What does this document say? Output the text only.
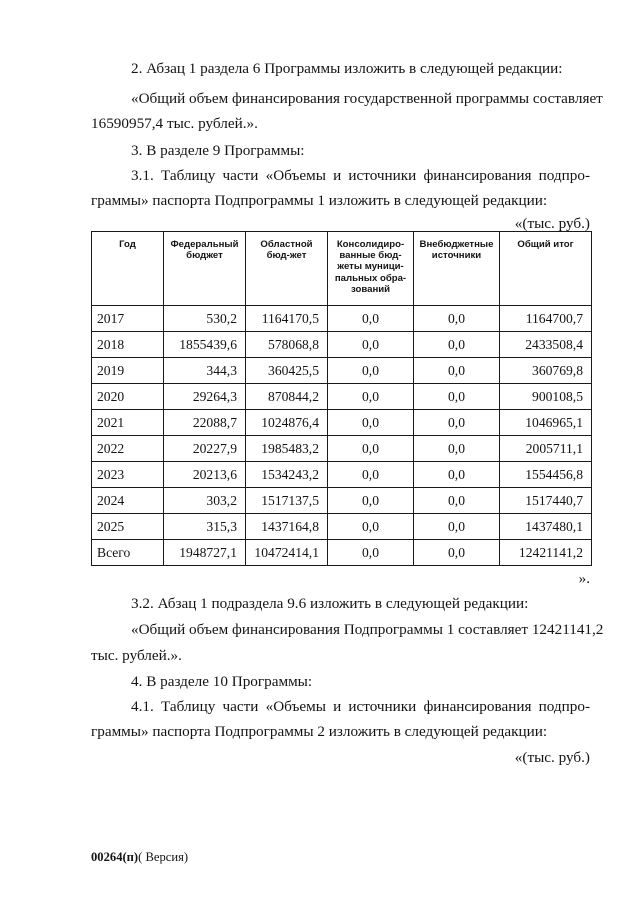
2. Абзац 1 раздела 6 Программы изложить в следующей редакции:

«Общий объем финансирования государственной программы составляет

16590957,4 тыс. рублей.».

3. В разделе 9 Программы:

3.1. Таблицу части «Объемы и источники финансирования подпро-

граммы» паспорта Подпрограммы 1 изложить в следующей редакции:

«(тыс. руб.)

Год	Федеральный бюджет	Областной бюд-жет	Консолидиро-ванные бюд-жеты муници-пальных обра-зований	Внебюджетные источники	Общий итог
2017	530,2	1164170,5	0,0	0,0	1164700,7
2018	1855439,6	578068,8	0,0	0,0	2433508,4
2019	344,3	360425,5	0,0	0,0	360769,8
2020	29264,3	870844,2	0,0	0,0	900108,5
2021	22088,7	1024876,4	0,0	0,0	1046965,1
2022	20227,9	1985483,2	0,0	0,0	2005711,1
2023	20213,6	1534243,2	0,0	0,0	1554456,8
2024	303,2	1517137,5	0,0	0,0	1517440,7
2025	315,3	1437164,8	0,0	0,0	1437480,1
Всего	1948727,1	10472414,1	0,0	0,0	12421141,2

».

3.2. Абзац 1 подраздела 9.6 изложить в следующей редакции:

«Общий объем финансирования Подпрограммы 1 составляет 12421141,2

тыс. рублей.».

4. В разделе 10 Программы:

4.1. Таблицу части «Объемы и источники финансирования подпро-

граммы» паспорта Подпрограммы 2 изложить в следующей редакции:

«(тыс. руб.)

00264(п)( Версия)
